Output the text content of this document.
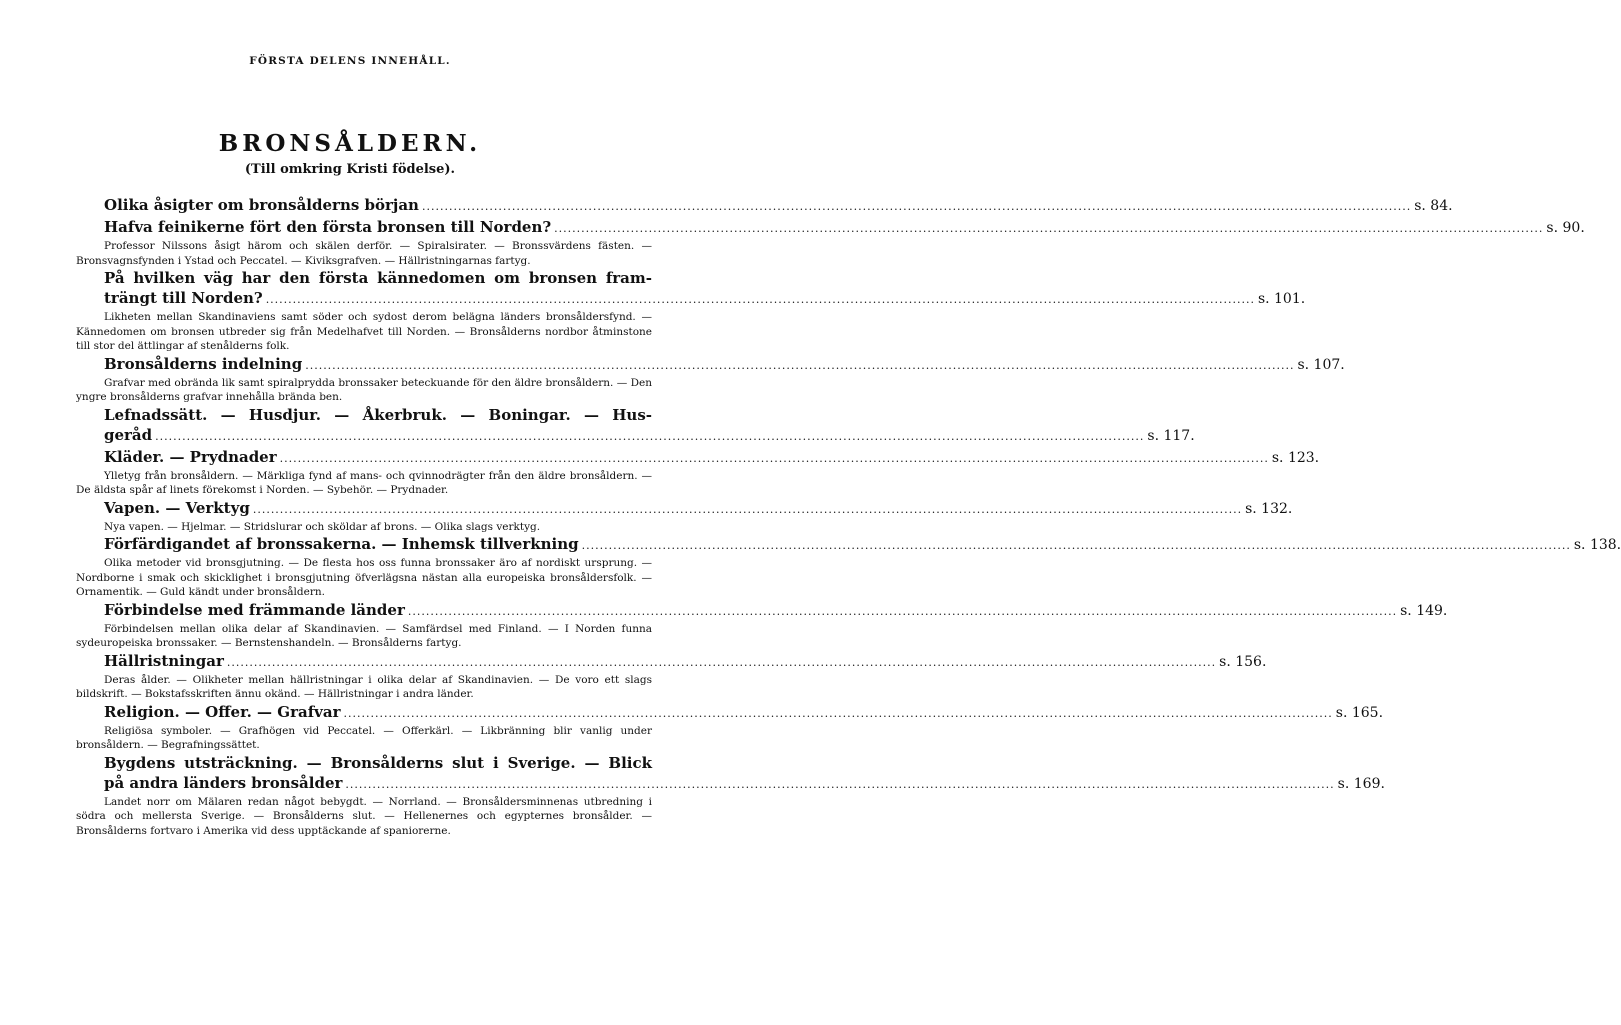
FÖRSTA DELENS INNEHÅLL.
BRONSÅLDERN.
(Till omkring Kristi födelse).
Olika åsigter om bronsålderns början ............................................................................................................................................................................................................................ s. 84.
Hafva feinikerne fört den första bronsen till Norden? ............................................................................................................................................................................................................................ s. 90.
Professor Nilssons åsigt härom och skälen derför. — Spiralsirater. — Bronssvärdens fästen. — Bronsvagnsfynden i Ystad och Peccatel. — Kiviksgrafven. — Hällristningarnas fartyg.
På hvilken väg har den första kännedomen om bronsen fram-
trängt till Norden? ............................................................................................................................................................................................................................ s. 101.
Likheten mellan Skandinaviens samt söder och sydost derom belägna länders bronsåldersfynd. — Kännedomen om bronsen utbreder sig från Medelhafvet till Norden. — Bronsålderns nordbor åtminstone till stor del ättlingar af stenålderns folk.
Bronsålderns indelning ............................................................................................................................................................................................................................ s. 107.
Grafvar med obrända lik samt spiralprydda bronssaker beteckuande för den äldre bronsåldern. — Den yngre bronsålderns grafvar innehålla brända ben.
Lefnadssätt. — Husdjur. — Åkerbruk. — Boningar. — Hus-
geråd ............................................................................................................................................................................................................................ s. 117.
Kläder. — Prydnader ............................................................................................................................................................................................................................ s. 123.
Ylletyg från bronsåldern. — Märkliga fynd af mans- och qvinnodrägter från den äldre bronsåldern. — De äldsta spår af linets förekomst i Norden. — Sybehör. — Prydnader.
Vapen. — Verktyg ............................................................................................................................................................................................................................ s. 132.
Nya vapen. — Hjelmar. — Stridslurar och sköldar af brons. — Olika slags verktyg.
Förfärdigandet af bronssakerna. — Inhemsk tillverkning ............................................................................................................................................................................................................................ s. 138.
Olika metoder vid bronsgjutning. — De flesta hos oss funna bronssaker äro af nordiskt ursprung. — Nordborne i smak och skicklighet i bronsgjutning öfverlägsna nästan alla europeiska bronsåldersfolk. — Ornamentik. — Guld kändt under bronsåldern.
Förbindelse med främmande länder ............................................................................................................................................................................................................................ s. 149.
Förbindelsen mellan olika delar af Skandinavien. — Samfärdsel med Finland. — I Norden funna sydeuropeiska bronssaker. — Bernstenshandeln. — Bronsålderns fartyg.
Hällristningar ............................................................................................................................................................................................................................ s. 156.
Deras ålder. — Olikheter mellan hällristningar i olika delar af Skandinavien. — De voro ett slags bildskrift. — Bokstafsskriften ännu okänd. — Hällristningar i andra länder.
Religion. — Offer. — Grafvar ............................................................................................................................................................................................................................ s. 165.
Religiösa symboler. — Grafhögen vid Peccatel. — Offerkärl. — Likbränning blir vanlig under bronsåldern. — Begrafningssättet.
Bygdens utsträckning. — Bronsålderns slut i Sverige. — Blick
på andra länders bronsålder ............................................................................................................................................................................................................................ s. 169.
Landet norr om Mälaren redan något bebygdt. — Norrland. — Bronsåldersminnenas utbredning i södra och mellersta Sverige. — Bronsålderns slut. — Hellenernes och egypternes bronsålder. — Bronsålderns fortvaro i Amerika vid dess upptäckande af spaniorerne.
